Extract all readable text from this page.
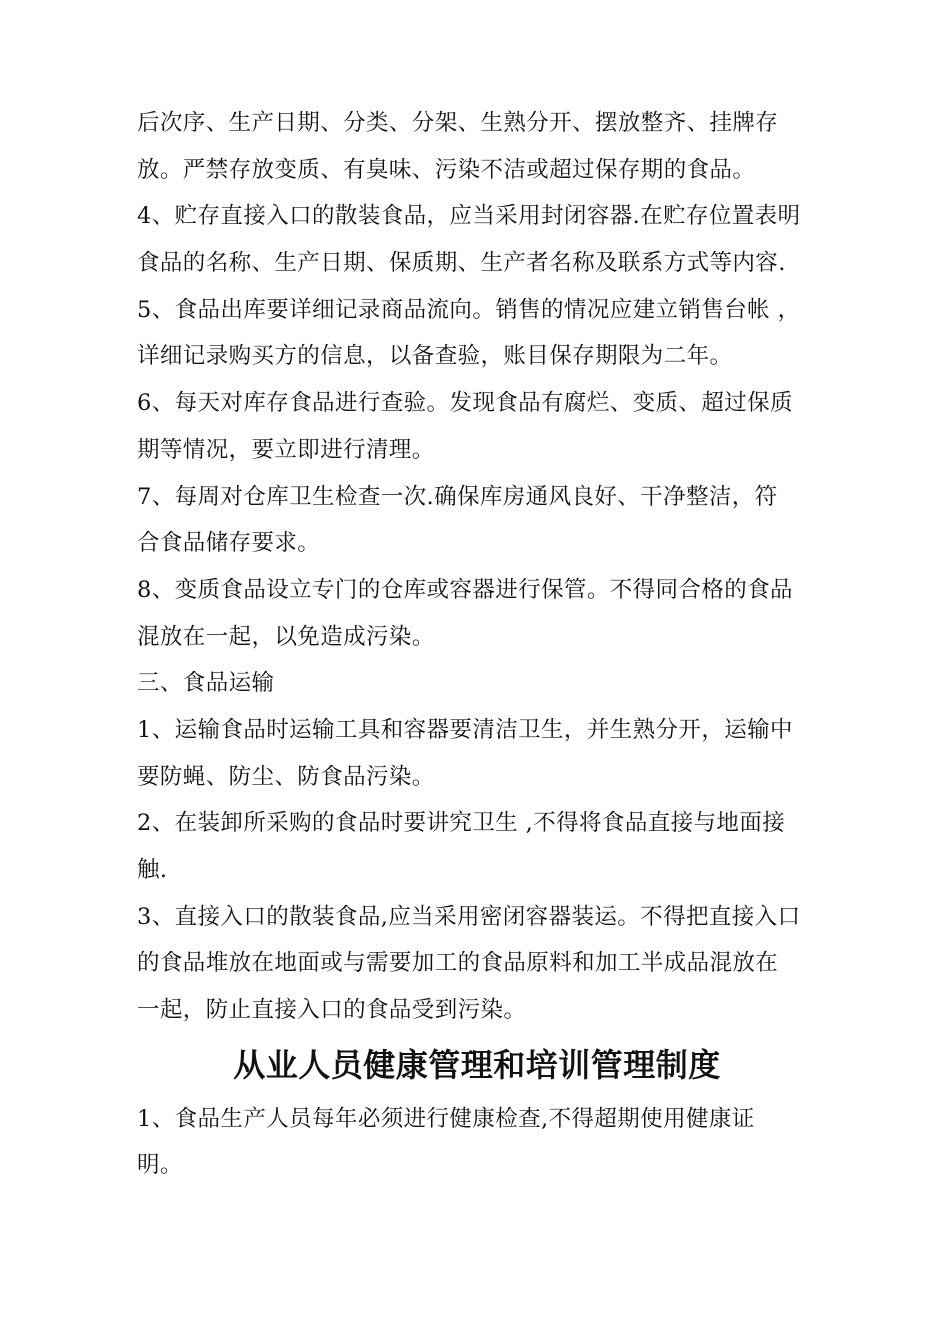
后次序、生产日期、分类、分架、生熟分开、摆放整齐、挂牌存
放。严禁存放变质、有臭味、污染不洁或超过保存期的食品。
4、贮存直接入口的散装食品，应当采用封闭容器.在贮存位置表明
食品的名称、生产日期、保质期、生产者名称及联系方式等内容.
5、食品出库要详细记录商品流向。销售的情况应建立销售台帐 ，
详细记录购买方的信息，以备查验，账目保存期限为二年。
6、每天对库存食品进行查验。发现食品有腐烂、变质、超过保质
期等情况，要立即进行清理。
7、每周对仓库卫生检查一次.确保库房通风良好、干净整洁，符
合食品储存要求。
8、变质食品设立专门的仓库或容器进行保管。不得同合格的食品
混放在一起，以免造成污染。
三、食品运输
1、运输食品时运输工具和容器要清洁卫生，并生熟分开，运输中
要防蝇、防尘、防食品污染。
2、在装卸所采购的食品时要讲究卫生 ,不得将食品直接与地面接
触.
3、直接入口的散装食品,应当采用密闭容器装运。不得把直接入口
的食品堆放在地面或与需要加工的食品原料和加工半成品混放在
一起，防止直接入口的食品受到污染。
从业人员健康管理和培训管理制度
1、食品生产人员每年必须进行健康检查,不得超期使用健康证
明。
